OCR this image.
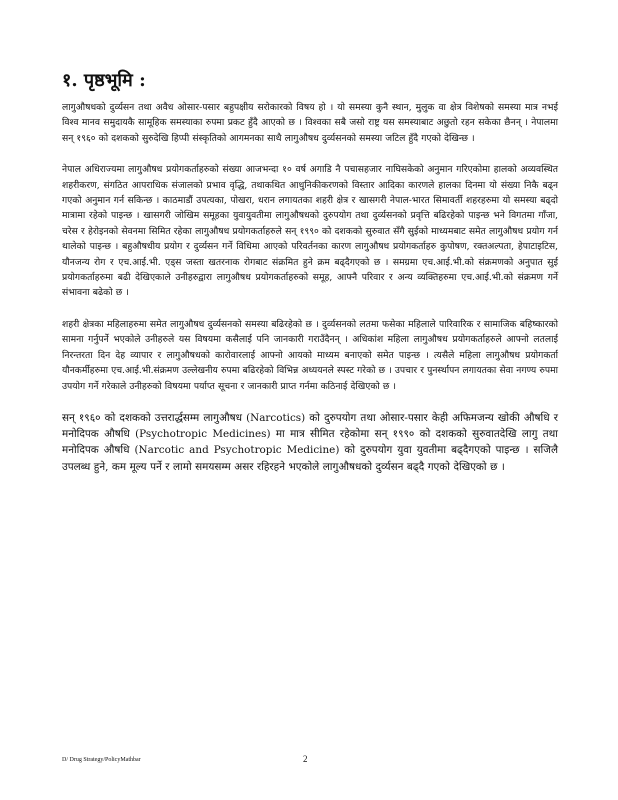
१. पृष्ठभूमि :

लागुऔषधको दुर्व्यसन तथा अवैध ओसार-पसार बहुपक्षीय सरोकारको विषय हो । यो समस्या कुनै स्थान, मुलुक वा क्षेत्र विशेषको समस्या मात्र नभई विश्व मानव समुदायकै सामूहिक समस्याका रुपमा प्रकट हुँदै आएको छ । विश्वका सबै जसो राष्ट्र यस समस्याबाट अछुतो रहन सकेका छैनन् । नेपालमा सन् १९६० को दशकको सुरुदेखि हिप्पी संस्कृतिको आगमनका साथै लागुऔषध दुर्व्यसनको समस्या जटिल हुँदै गएको देखिन्छ ।

नेपाल अधिराज्यमा लागुऔषध प्रयोगकर्ताहरुको संख्या आजभन्दा १० वर्ष अगाडि नै पचासहजार नाघिसकेको अनुमान गरिएकोमा हालको अव्यवस्थित शहरीकरण, संगठित आपराधिक संजालको प्रभाव वृद्धि, तथाकथित आधुनिकीकरणको विस्तार आदिका कारणले हालका दिनमा यो संख्या निकै बढ्न गएको अनुमान गर्न सकिन्छ । काठमाडौं उपत्यका, पोखरा, धरान लगायतका शहरी क्षेत्र र खासगरी नेपाल-भारत सिमावर्ती शहरहरुमा यो समस्या बढ्दो मात्रामा रहेको पाइन्छ । खासगरी जोखिम समूहका युवायुवतीमा लागुऔषधको दुरुपयोग तथा दुर्व्यसनको प्रवृत्ति बढिरहेको पाइन्छ भने विगतमा गाँजा, चरेस र हेरोइनको सेवनमा सिमित रहेका लागुऔषध प्रयोगकर्ताहरुले सन् १९९० को दशकको सुरुवात सँगै सुईको माध्यमबाट समेत लागुऔषध प्रयोग गर्न थालेको पाइन्छ । बहुऔषधीय प्रयोग र दुर्व्यसन गर्ने विधिमा आएको परिवर्तनका कारण लागुऔषध प्रयोगकर्ताहरु कुपोषण, रक्तअल्पता, हेपाटाइटिस, यौनजन्य रोग र एच.आई.भी. एड्स जस्ता खतरनाक रोगबाट संक्रमित हुने क्रम बढ्दैगएको छ । समग्रमा एच.आई.भी.को संक्रमणको अनुपात सुई प्रयोगकर्ताहरुमा बढी देखिएकाले उनीहरुद्वारा लागुऔषध प्रयोगकर्ताहरुको समूह, आफ्नै परिवार र अन्य व्यक्तिहरुमा एच.आई.भी.को संक्रमण गर्ने संभावना बढेको छ ।

शहरी क्षेत्रका महिलाहरुमा समेत लागुऔषध दुर्व्यसनको समस्या बढिरहेको छ । दुर्व्यसनको लतमा फसेका महिलाले पारिवारिक र सामाजिक बहिष्कारको सामना गर्नुपर्ने भएकोले उनीहरुले यस विषयमा कसैलाई पनि जानकारी गराउँदैनन् । अधिकांश महिला लागुऔषध प्रयोगकर्ताहरुले आफ्नो लतलाई निरन्तरता दिन देह व्यापार र लागुऔषधको कारोवारलाई आफ्नो आयको माध्यम बनाएको समेत पाइन्छ । त्यसैले महिला लागुऔषध प्रयोगकर्ता यौनकर्मीहरुमा एच.आई.भी.संक्रमण उल्लेखनीय रुपमा बढिरहेको विभिन्न अध्ययनले स्पस्ट गरेको छ । उपचार र पुनर्स्थापन लगायतका सेवा नगण्य रुपमा उपयोग गर्ने गरेकाले उनीहरुको विषयमा पर्याप्त सूचना र जानकारी प्राप्त गर्नमा कठिनाई देखिएको छ ।

सन् १९६० को दशकको उत्तरार्द्धसम्म लागुऔषध (Narcotics) को दुरुपयोग तथा ओसार-पसार केही अफिमजन्य खोकी औषधि र मनोदिपक औषधि (Psychotropic Medicines) मा मात्र सीमित रहेकोमा सन् १९९० को दशकको सुरुवातदेखि लागु तथा मनोदिपक औषधि (Narcotic and Psychotropic Medicine) को दुरुपयोग युवा युवतीमा बढ्दैगएको पाइन्छ । सजिलै उपलब्ध हुने, कम मूल्य पर्ने र लामो समयसम्म असर रहिरहने भएकोले लागुऔषधको दुर्व्यसन बढ्दै गएको देखिएको छ ।

D/ Drug Strategy/PolicyMathbar	2
